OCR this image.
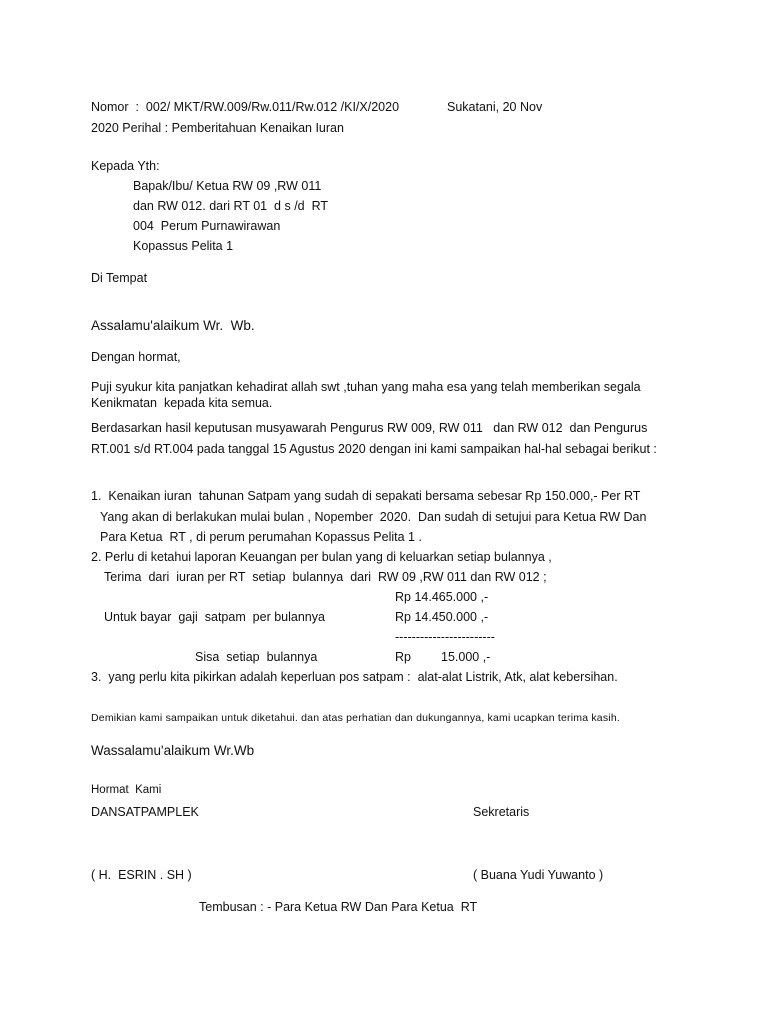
Nomor  :  002/ MKT/RW.009/Rw.011/Rw.012 /KI/X/2020	Sukatani, 20 Nov
2020 Perihal : Pemberitahuan Kenaikan Iuran
Kepada Yth:
Bapak/Ibu/ Ketua RW 09 ,RW 011
dan RW 012. dari RT 01  d s /d  RT
004  Perum Purnawirawan
Kopassus Pelita 1
Di Tempat
Assalamu'alaikum Wr.  Wb.
Dengan hormat,
Puji syukur kita panjatkan kehadirat allah swt ,tuhan yang maha esa yang telah memberikan segala
Kenikmatan  kepada kita semua.
Berdasarkan hasil keputusan musyawarah Pengurus RW 009, RW 011   dan RW 012  dan Pengurus
RT.001 s/d RT.004 pada tanggal 15 Agustus 2020 dengan ini kami sampaikan hal-hal sebagai berikut :
1.  Kenaikan iuran  tahunan Satpam yang sudah di sepakati bersama sebesar Rp 150.000,- Per RT
Yang akan di berlakukan mulai bulan , Nopember  2020.  Dan sudah di setujui para Ketua RW Dan
Para Ketua  RT , di perum perumahan Kopassus Pelita 1 .
2. Perlu di ketahui laporan Keuangan per bulan yang di keluarkan setiap bulannya ,
Terima  dari  iuran per RT  setiap  bulannya  dari  RW 09 ,RW 011 dan RW 012 ;
Rp 14.465.000 ,-
Untuk bayar  gaji  satpam  per bulannya	Rp 14.450.000 ,-
------------------------
Sisa  setiap  bulannya	Rp 15.000 ,-
3.  yang perlu kita pikirkan adalah keperluan pos satpam :  alat-alat Listrik, Atk, alat kebersihan.
Demikian kami sampaikan untuk diketahui. dan atas perhatian dan dukungannya, kami ucapkan terima kasih.
Wassalamu'alaikum Wr.Wb
Hormat  Kami
DANSATPAMPLEK	Sekretaris
( H.  ESRIN . SH )	( Buana Yudi Yuwanto )
Tembusan : - Para Ketua RW Dan Para Ketua  RT
